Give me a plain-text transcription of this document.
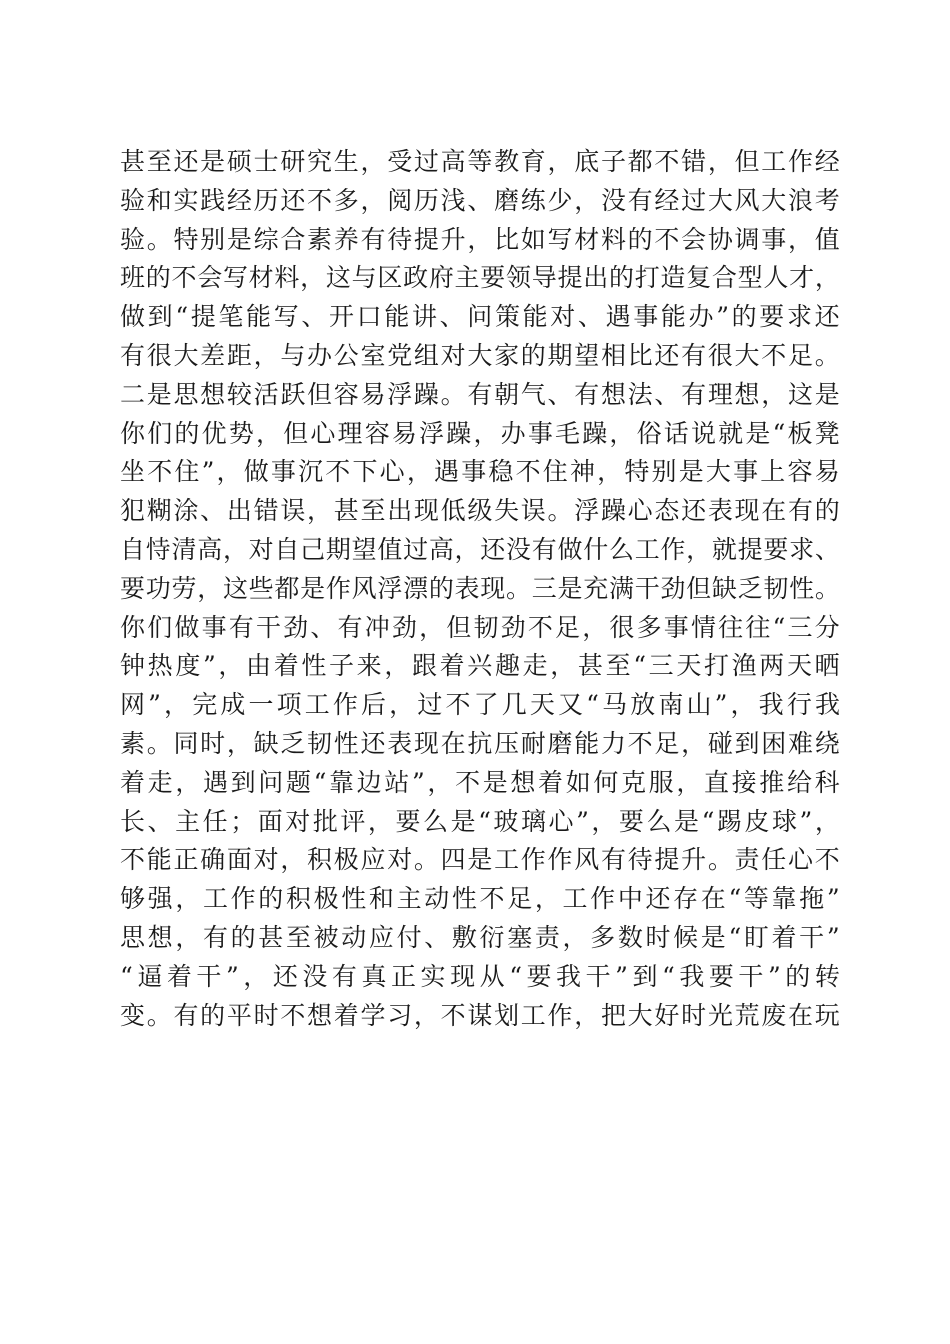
甚 至 还 是 硕 士 研 究 生 ， 受 过 高 等 教 育 ， 底 子 都 不 错 ， 但 工 作 经
验 和 实 践 经 历 还 不 多 ， 阅 历 浅 、 磨 练 少 ， 没 有 经 过 大 风 大 浪 考
验 。 特 别 是 综 合 素 养 有 待 提 升 ， 比 如 写 材 料 的 不 会 协 调 事 ， 值
班 的 不 会 写 材 料 ， 这 与 区 政 府 主 要 领 导 提 出 的 打 造 复 合 型 人 才 ，
做 到 “ 提 笔 能 写 、 开 口 能 讲 、 问 策 能 对 、 遇 事 能 办 ” 的 要 求 还
有 很 大 差 距 ， 与 办 公 室 党 组 对 大 家 的 期 望 相 比 还 有 很 大 不 足 。
二 是 思 想 较 活 跃 但 容 易 浮 躁 。 有 朝 气 、 有 想 法 、 有 理 想 ， 这 是
你 们 的 优 势 ， 但 心 理 容 易 浮 躁 ， 办 事 毛 躁 ， 俗 话 说 就 是 “ 板 凳
坐 不 住 ” ， 做 事 沉 不 下 心 ， 遇 事 稳 不 住 神 ， 特 别 是 大 事 上 容 易
犯 糊 涂 、 出 错 误 ， 甚 至 出 现 低 级 失 误 。 浮 躁 心 态 还 表 现 在 有 的
自 恃 清 高 ， 对 自 己 期 望 值 过 高 ， 还 没 有 做 什 么 工 作 ， 就 提 要 求 、
要 功 劳 ， 这 些 都 是 作 风 浮 漂 的 表 现 。 三 是 充 满 干 劲 但 缺 乏 韧 性 。
你 们 做 事 有 干 劲 、 有 冲 劲 ， 但 韧 劲 不 足 ， 很 多 事 情 往 往 “ 三 分
钟 热 度 ” ， 由 着 性 子 来 ， 跟 着 兴 趣 走 ， 甚 至 “ 三 天 打 渔 两 天 晒
网 ” ， 完 成 一 项 工 作 后 ， 过 不 了 几 天 又 “ 马 放 南 山 ” ， 我 行 我
素 。 同 时 ， 缺 乏 韧 性 还 表 现 在 抗 压 耐 磨 能 力 不 足 ， 碰 到 困 难 绕
着 走 ， 遇 到 问 题 “ 靠 边 站 ” ， 不 是 想 着 如 何 克 服 ， 直 接 推 给 科
长 、 主 任 ； 面 对 批 评 ， 要 么 是 “ 玻 璃 心 ” ， 要 么 是 “ 踢 皮 球 ” ，
不 能 正 确 面 对 ， 积 极 应 对 。 四 是 工 作 作 风 有 待 提 升 。 责 任 心 不
够 强 ， 工 作 的 积 极 性 和 主 动 性 不 足 ， 工 作 中 还 存 在 “ 等 靠 拖 ”
思 想 ， 有 的 甚 至 被 动 应 付 、 敷 衍 塞 责 ， 多 数 时 候 是 “ 盯 着 干 ”
“ 逼 着 干 ” ， 还 没 有 真 正 实 现 从 “ 要 我 干 ” 到 “ 我 要 干 ” 的 转
变 。 有 的 平 时 不 想 着 学 习 ， 不 谋 划 工 作 ， 把 大 好 时 光 荒 废 在 玩
